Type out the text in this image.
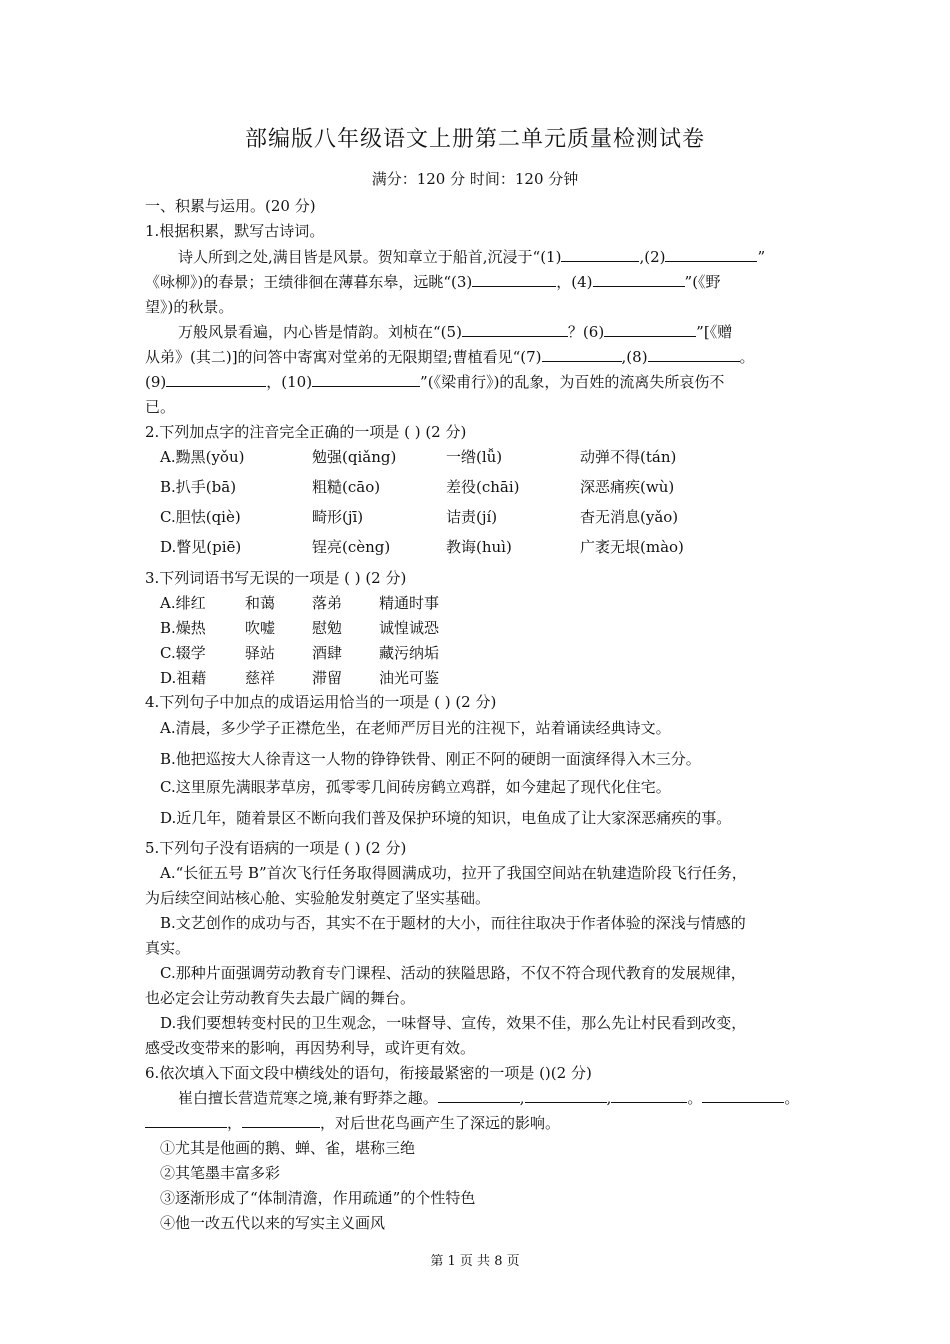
部编版八年级语文上册第二单元质量检测试卷
满分：120 分 时间：120 分钟
一、积累与运用。(20 分)
1.根据积累，默写古诗词。
诗人所到之处,满目皆是风景。贺知章立于船首,沉浸于“(1)	,(2)	”
《咏柳》)的春景；王绩徘徊在薄暮东皋，远眺“(3)	，(4)	”(《野
望》)的秋景。
万般风景看遍，内心皆是情韵。刘桢在“(5)	？(6)	”[《赠
从弟》(其二)]的问答中寄寓对堂弟的无限期望;曹植看见“(7)	,(8)	。
(9)	，(10)	”(《梁甫行》)的乱象，为百姓的流离失所哀伤不
已。
2.下列加点字的注音完全正确的一项是 ( ) (2 分)
A.黝黑(yǒu)	勉强(qiǎng)	一绺(lǚ)	动弹不得(tán)
B.扒手(bā)	粗糙(cāo)	差役(chāi)	深恶痛疾(wù)
C.胆怯(qiè)	畸形(jī)	诘责(jí)	杳无消息(yǎo)
D.瞥见(piē)	锃亮(cèng)	教诲(huì)	广袤无垠(mào)
3.下列词语书写无误的一项是 ( ) (2 分)
A.绯红	和蔼 落弟 精通时事
B.燥热	吹嘘 慰勉 诚惶诚恐
C.辍学	驿站 酒肆 藏污纳垢
D.祖藉	慈祥 滞留 油光可鉴
4.下列句子中加点的成语运用恰当的一项是 ( ) (2 分)
A.清晨，多少学子正襟危坐，在老师严厉目光的注视下，站着诵读经典诗文。
B.他把巡按大人徐青这一人物的铮铮铁骨、刚正不阿的硬朗一面演绎得入木三分。
C.这里原先满眼茅草房，孤零零几间砖房鹤立鸡群，如今建起了现代化住宅。
D.近几年，随着景区不断向我们普及保护环境的知识，电鱼成了让大家深恶痛疾的事。
5.下列句子没有语病的一项是 ( ) (2 分)
A.“长征五号 B”首次飞行任务取得圆满成功，拉开了我国空间站在轨建造阶段飞行任务，
为后续空间站核心舱、实验舱发射奠定了坚实基础。
B.文艺创作的成功与否，其实不在于题材的大小，而往往取决于作者体验的深浅与情感的
真实。
C.那种片面强调劳动教育专门课程、活动的狭隘思路，不仅不符合现代教育的发展规律，
也必定会让劳动教育失去最广阔的舞台。
D.我们要想转变村民的卫生观念，一味督导、宣传，效果不佳，那么先让村民看到改变，
感受改变带来的影响，再因势利导，或许更有效。
6.依次填入下面文段中横线处的语句，衔接最紧密的一项是 ()(2 分)
崔白擅长营造荒寒之境,兼有野莽之趣。	,	,	。	。
，	，对后世花鸟画产生了深远的影响。
①尤其是他画的鹅、蝉、雀，堪称三绝
②其笔墨丰富多彩
③逐渐形成了“体制清澹，作用疏通”的个性特色
④他一改五代以来的写实主义画风
第 1 页 共 8 页
